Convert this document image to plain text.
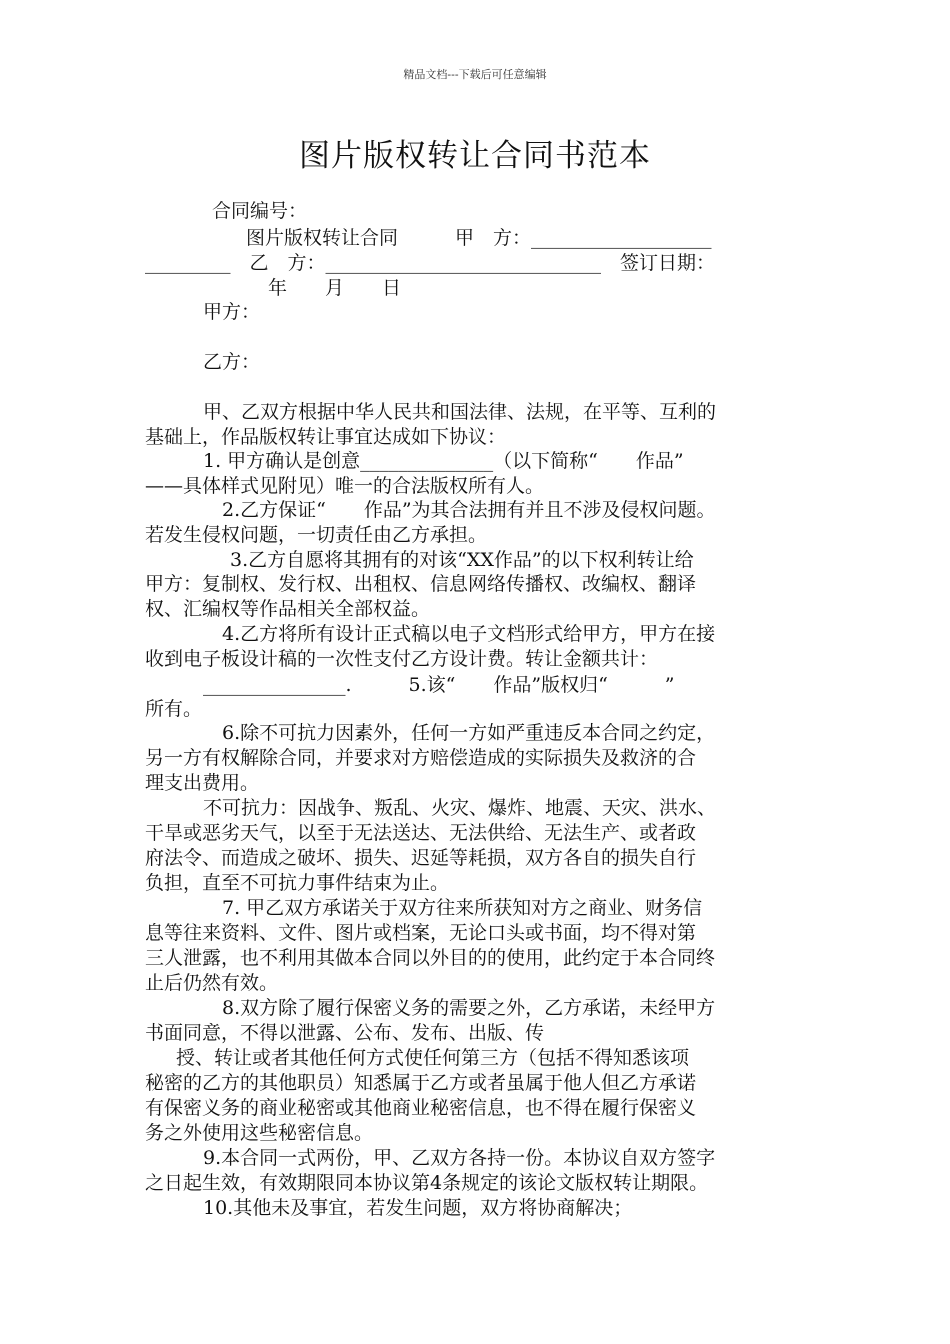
精品文档---下载后可任意编辑
图片版权转让合同书范本
合同编号：
图片版权转让合同　　　甲　方：___________________
_________　乙　方：_____________________________　签订日期：
年　　月　　日
甲方：
乙方：
甲、乙双方根据中华人民共和国法律、法规，在平等、互利的
基础上，作品版权转让事宜达成如下协议：
1. 甲方确认是创意______________（以下简称“　　作品”
——具体样式见附见）唯一的合法版权所有人。
2.乙方保证“　　作品”为其合法拥有并且不涉及侵权问题。
若发生侵权问题，一切责任由乙方承担。
3.乙方自愿将其拥有的对该“XX作品”的以下权利转让给
甲方：复制权、发行权、出租权、信息网络传播权、改编权、翻译
权、汇编权等作品相关全部权益。
4.乙方将所有设计正式稿以电子文档形式给甲方，甲方在接
收到电子板设计稿的一次性支付乙方设计费。转让金额共计：
_______________.　　　5.该“　　作品”版权归“　　　”
所有。
6.除不可抗力因素外，任何一方如严重违反本合同之约定，
另一方有权解除合同，并要求对方赔偿造成的实际损失及救济的合
理支出费用。
不可抗力：因战争、叛乱、火灾、爆炸、地震、天灾、洪水、
干旱或恶劣天气，以至于无法送达、无法供给、无法生产、或者政
府法令、而造成之破坏、损失、迟延等耗损，双方各自的损失自行
负担，直至不可抗力事件结束为止。
7. 甲乙双方承诺关于双方往来所获知对方之商业、财务信
息等往来资料、文件、图片或档案，无论口头或书面，均不得对第
三人泄露，也不利用其做本合同以外目的的使用，此约定于本合同终
止后仍然有效。
8.双方除了履行保密义务的需要之外，乙方承诺，未经甲方
书面同意，不得以泄露、公布、发布、出版、传
授、转让或者其他任何方式使任何第三方（包括不得知悉该项
秘密的乙方的其他职员）知悉属于乙方或者虽属于他人但乙方承诺
有保密义务的商业秘密或其他商业秘密信息，也不得在履行保密义
务之外使用这些秘密信息。
9.本合同一式两份，甲、乙双方各持一份。本协议自双方签字
之日起生效，有效期限同本协议第4条规定的该论文版权转让期限。
10.其他未及事宜，若发生问题，双方将协商解决；
